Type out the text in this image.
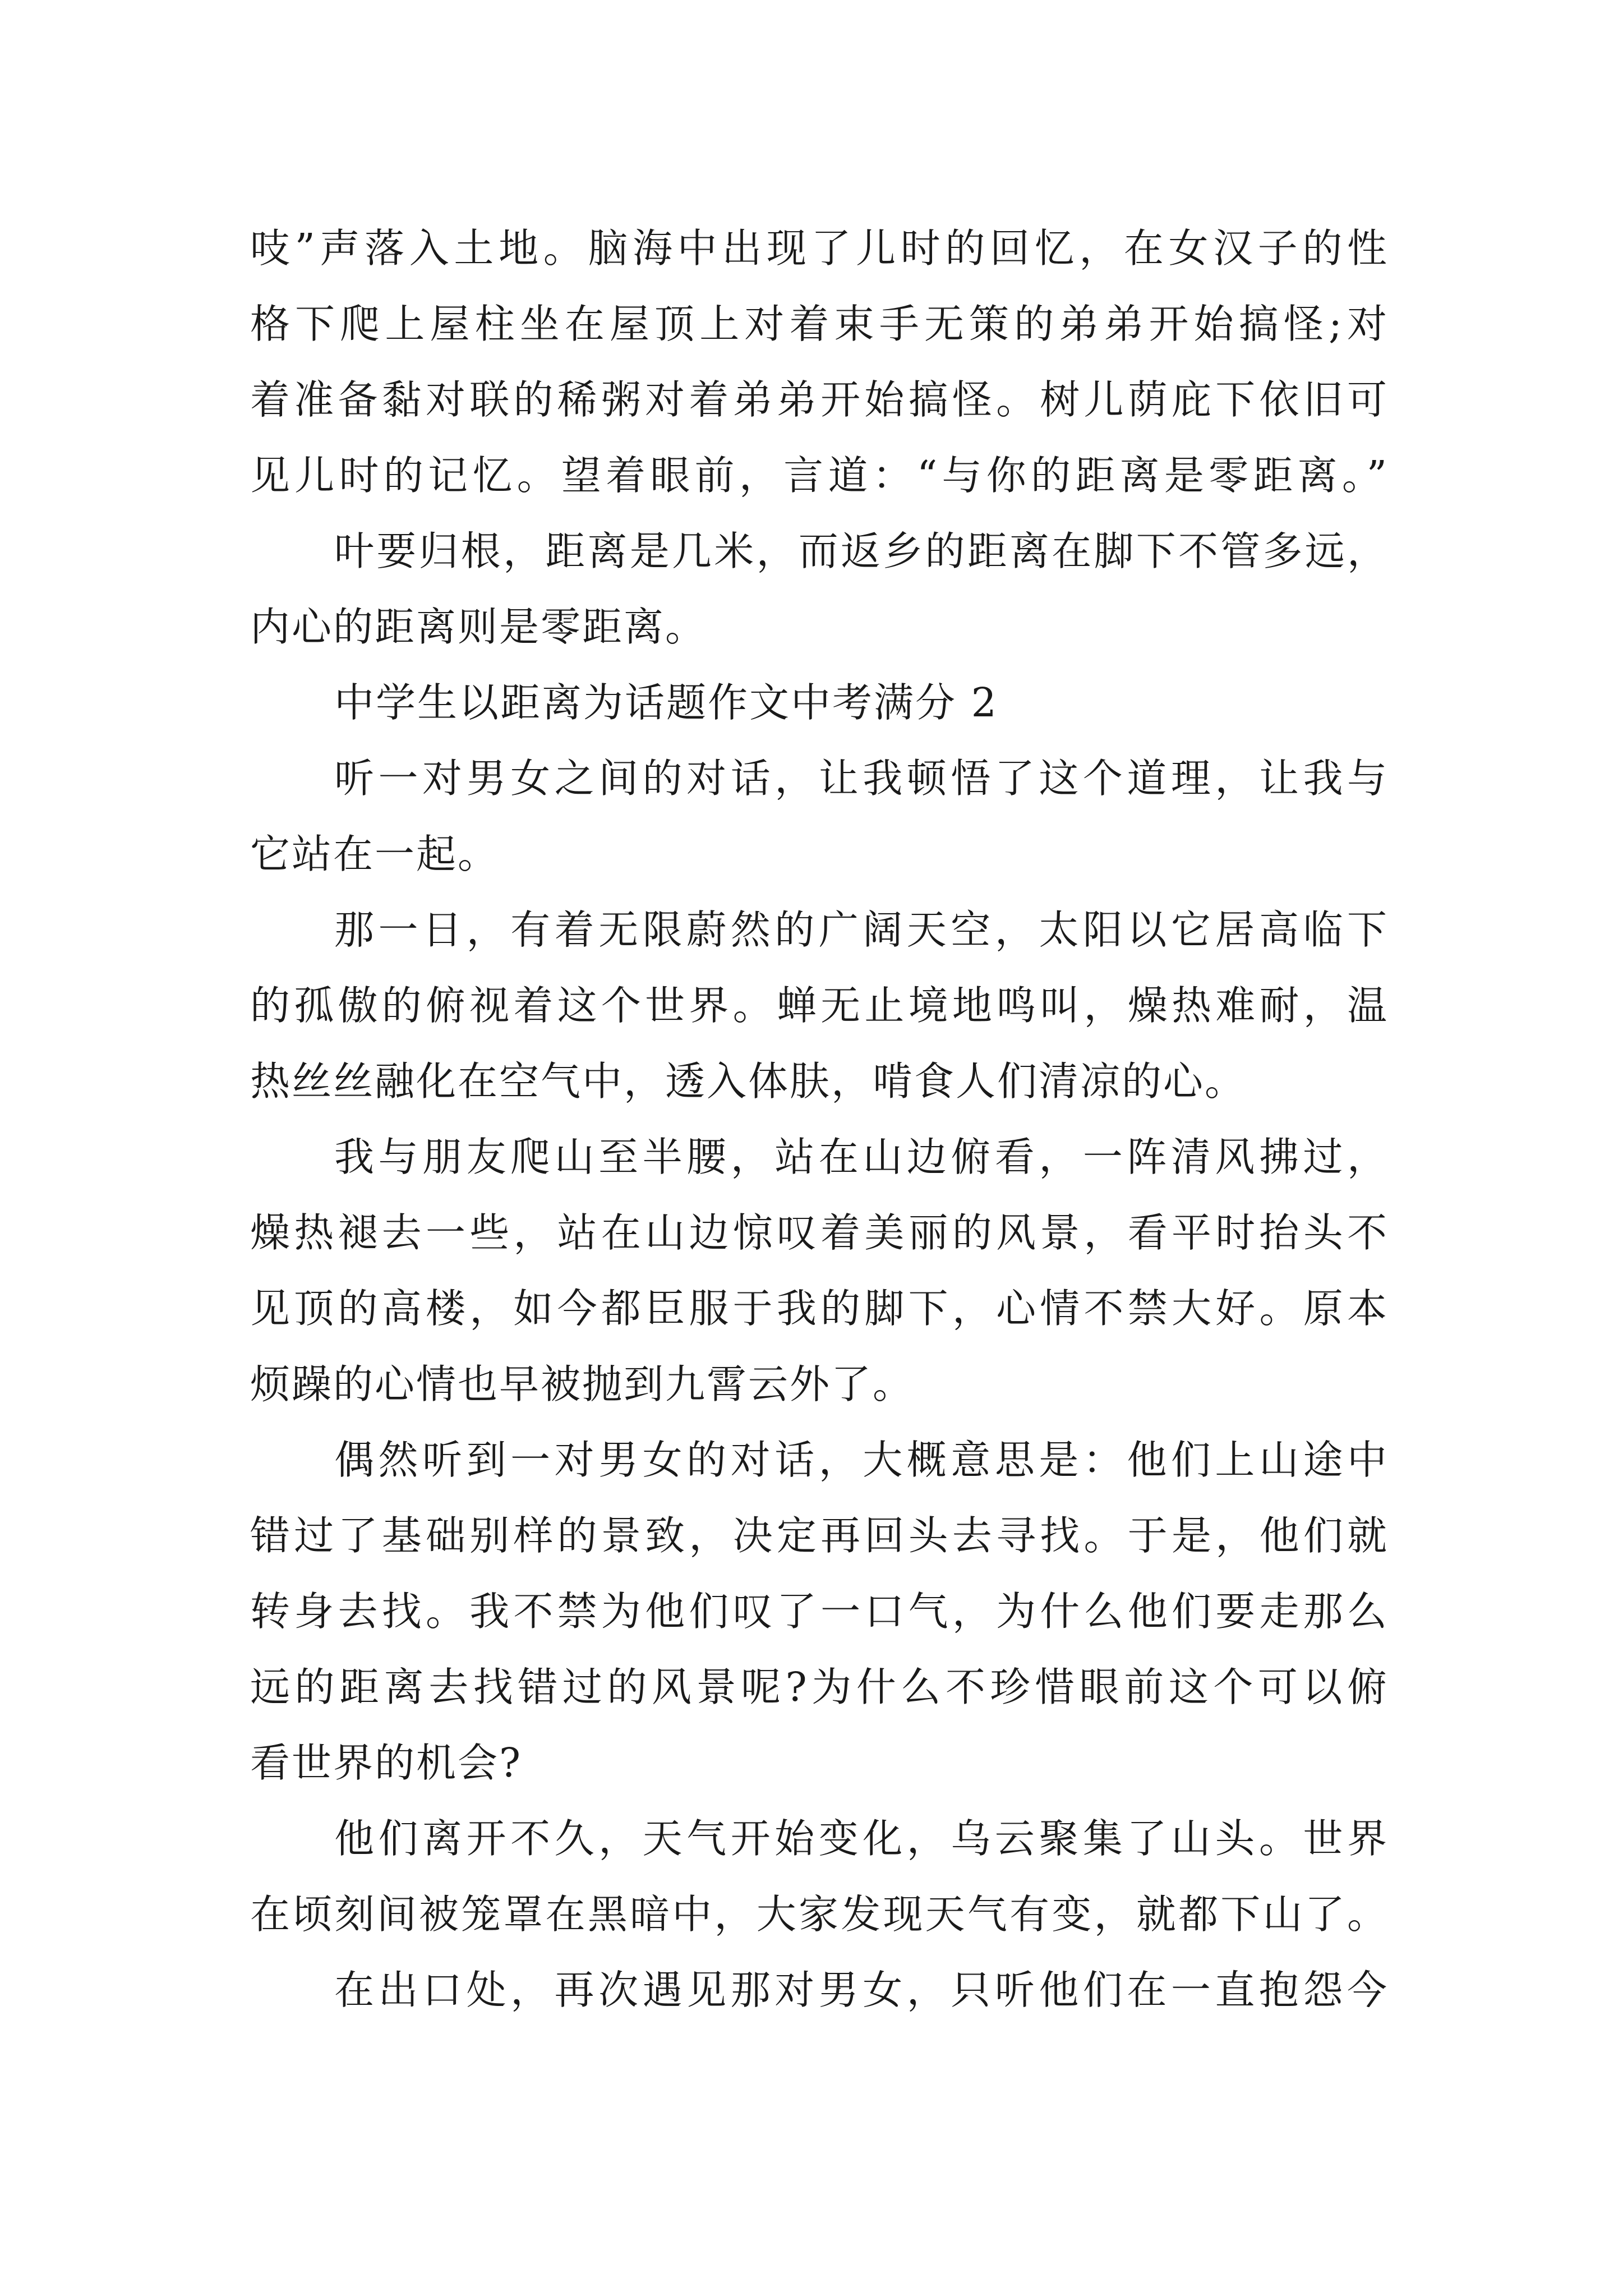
吱”声落入土地。脑海中出现了儿时的回忆，在女汉子的性
格下爬上屋柱坐在屋顶上对着束手无策的弟弟开始搞怪;对
着准备黏对联的稀粥对着弟弟开始搞怪。树儿荫庇下依旧可
见儿时的记忆。望着眼前，言道：“与你的距离是零距离。”
叶要归根，距离是几米，而返乡的距离在脚下不管多远，
内心的距离则是零距离。
中学生以距离为话题作文中考满分 2
听一对男女之间的对话，让我顿悟了这个道理，让我与
它站在一起。
那一日，有着无限蔚然的广阔天空，太阳以它居高临下
的孤傲的俯视着这个世界。蝉无止境地鸣叫，燥热难耐，温
热丝丝融化在空气中，透入体肤，啃食人们清凉的心。
我与朋友爬山至半腰，站在山边俯看，一阵清风拂过，
燥热褪去一些，站在山边惊叹着美丽的风景，看平时抬头不
见顶的高楼，如今都臣服于我的脚下，心情不禁大好。原本
烦躁的心情也早被抛到九霄云外了。
偶然听到一对男女的对话，大概意思是：他们上山途中
错过了基础别样的景致，决定再回头去寻找。于是，他们就
转身去找。我不禁为他们叹了一口气，为什么他们要走那么
远的距离去找错过的风景呢?为什么不珍惜眼前这个可以俯
看世界的机会?
他们离开不久，天气开始变化，乌云聚集了山头。世界
在顷刻间被笼罩在黑暗中，大家发现天气有变，就都下山了。
在出口处，再次遇见那对男女，只听他们在一直抱怨今
